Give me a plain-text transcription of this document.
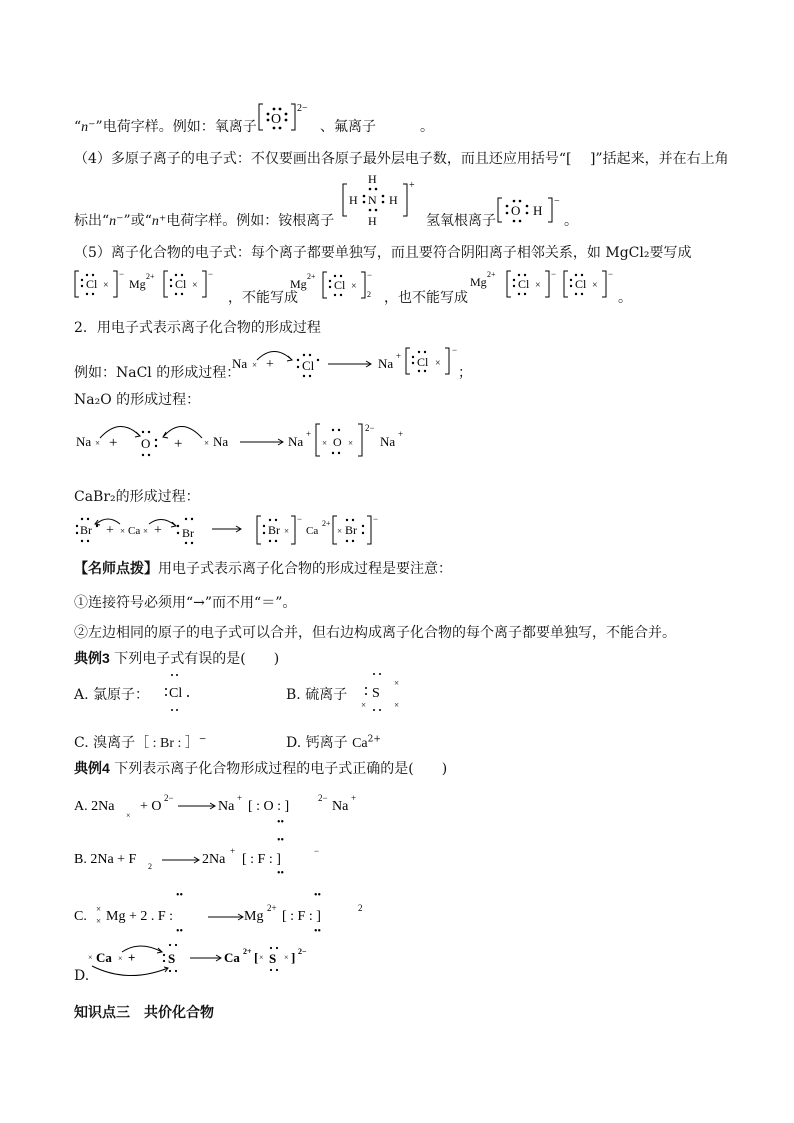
“n⁻”电荷字样。例如：氧离子 O
2−
、氟离子	。
（4）多原子离子的电子式：不仅要画出各原子最外层电子数，而且还应用括号“[　 ]”括起来，并在右上角
标出“n⁻”或“n⁺电荷字样。例如：铵根离子
H
H N H
H
+
氢氧根离子
O H
−
。
（5）离子化合物的电子式：每个离子都要单独写，而且要符合阴阳离子相邻关系，如 MgCl₂要写成
Cl ×
−
Mg
2+
Cl ×
−
，不能写成
Mg
2+
Cl ×
−
2 ，也不能写成
Mg
2+
Cl ×
−
Cl ×
−
。
2．用电子式表示离子化合物的形成过程
例如：NaCl 的形成过程：
Na × + Cl	Na + Cl ×
−
；
Na₂O 的形成过程：
Na × + O + × Na	Na +
O
× ×
2−
Na +
CaBr₂的形成过程：
Br + × Ca × + Br	Br ×
−
Ca
2+
× Br
−
【名师点拨】用电子式表示离子化合物的形成过程是要注意：
①连接符号必须用“→”而不用“＝”。
②左边相同的原子的电子式可以合并，但右边构成离子化合物的每个离子都要单独写，不能合并。
典例3 下列电子式有误的是(　　)
A. 氯原子： Cl	B. 硫离子 S
×	×
×
C. 溴离子［ : Br : ］−	D. 钙离子 $Ca^{2+}$
典例4 下列表示离子化合物形成过程的电子式正确的是(　　)
A. 2Na
×
+ O
2−
Na
+
[ : O : ]
2−
Na
+
••
••
B. 2Na + F 2	2Na
+
[ : F : ]
−
••
••	••
C. ×
× Mg + 2 . F :	Mg
2+
[ : F : ]
2
••	••
× Ca × +	S	Ca 2+ [ × S × ] 2−
D.
知识点三　共价化合物
